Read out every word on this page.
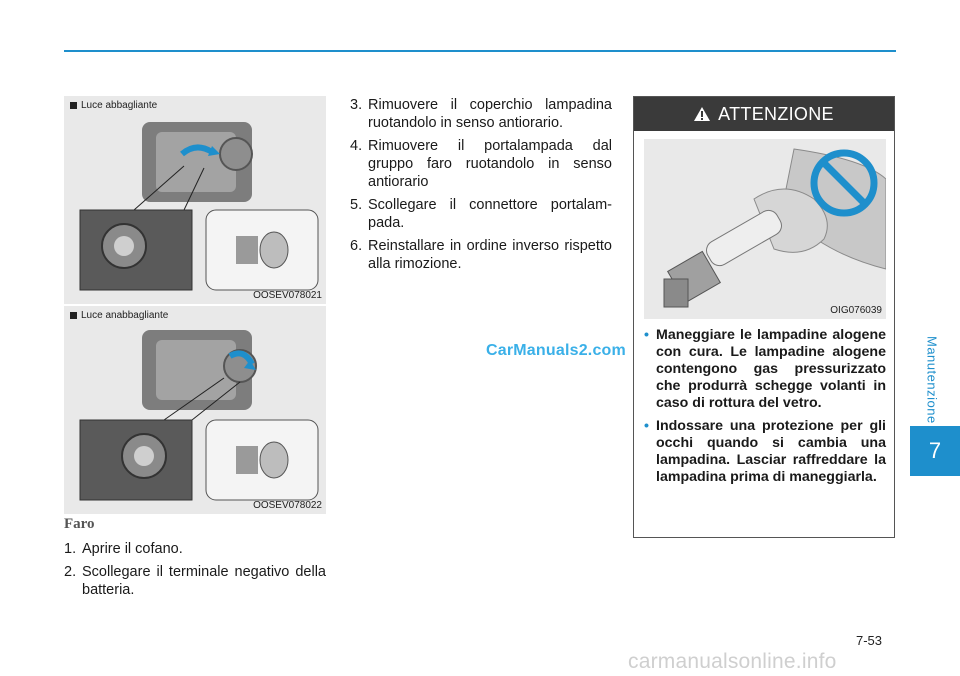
Manutenzione
7
Luce abbagliante
OOSEV078021
Luce anabbagliante
OOSEV078022
Faro
1. Aprire il cofano.
2. Scollegare il terminale negativo della batteria.
3. Rimuovere il coperchio lampadina ruotandolo in senso antiorario.
4. Rimuovere il portalampada dal gruppo faro ruotandolo in senso antiorario
5. Scollegare il connettore portalam-pada.
6. Reinstallare in ordine inverso rispetto alla rimozione.
CarManuals2.com
ATTENZIONE
OIG076039
• Maneggiare le lampadine alogene con cura. Le lampadine alogene contengono gas pressurizzato che produrrà schegge volanti in caso di rottura del vetro.
• Indossare una protezione per gli occhi quando si cambia una lampadina. Lasciar raffreddare la lampadina prima di maneggiarla.
7-53
carmanualsonline.info
